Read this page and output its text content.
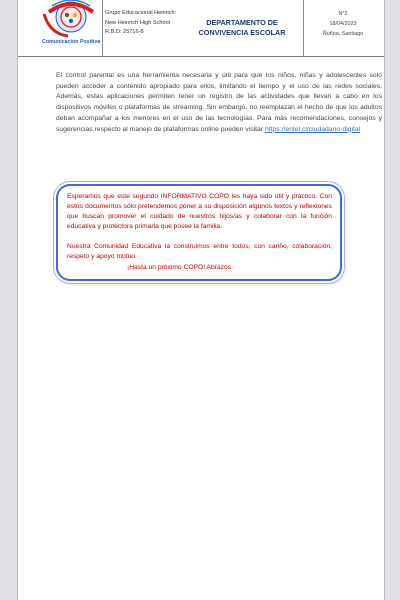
Comunicación Positiva
Grupo Educacional Heinrich:
New Heinrich High School
R.B.D: 25716-8
DEPARTAMENTO DE
CONVIVENCIA ESCOLAR
N°2
18/04/2023
Ñuñoa, Santiago
El control parental es una herramienta necesaria y útil para que los niños, niñas y adolescentes solo pueden acceder a contenido apropiado para ellos, limitando el tiempo y el uso de las redes sociales. Además, estas aplicaciones permiten tener un registro de las actividades que llevan a cabo en los dispositivos móviles o plataformas de streaming. Sin embargo, no reemplazan el hecho de que los adultos deban acompañar a los menores en el uso de las tecnologías. Para más recomendaciones, consejos y sugerencias respecto al manejo de plataformas online pueden visitar https://entel.cl/ciudadano-digital

Esperamos que este segundo INFORMATIVO COPO les haya sido útil y práctico. Con estos documentos sólo pretendemos poner a su disposición algunos textos y reflexiones que buscan promover el cuidado de nuestros hijos/as y colaborar con la función educativa y protectora primaria que posee la familia.

Nuestra Comunidad Educativa la construimos entre todos, con cariño, colaboración, respeto y apoyo mutuo.

¡Hasta un próximo COPO! Abrazos.
